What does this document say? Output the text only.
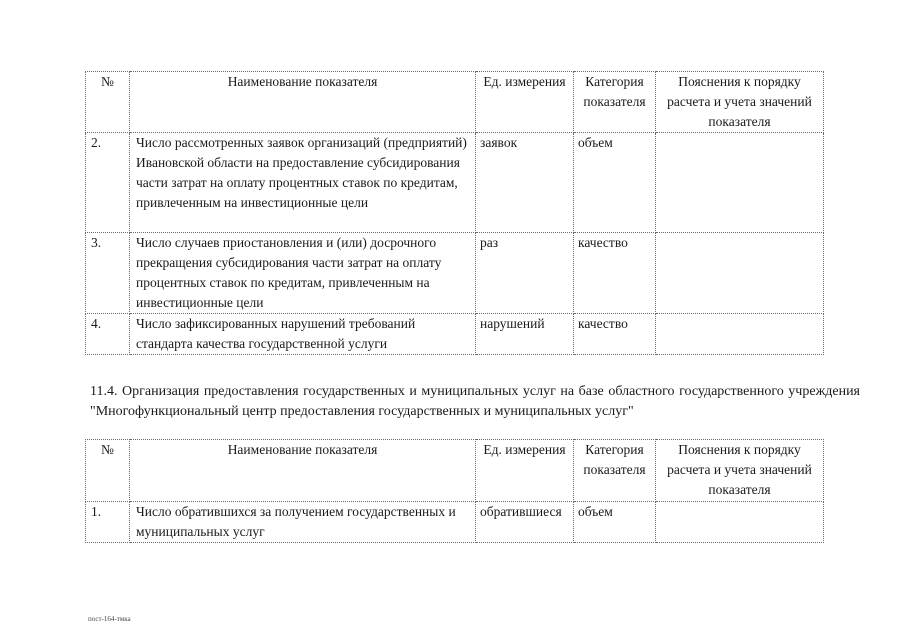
№	Наименование показателя	Ед. измерения	Категория показателя	Пояснения к порядку расчета и учета значений показателя
2.	Число рассмотренных заявок организаций (предприятий) Ивановской области на предоставление субсидирования части затрат на оплату процентных ставок по кредитам, привлеченным на инвестиционные цели	заявок	объем	
3.	Число случаев приостановления и (или) досрочного прекращения субсидирования части затрат на оплату процентных ставок по кредитам, привлеченным на инвестиционные цели	раз	качество	
4.	Число зафиксированных нарушений требований стандарта качества государственной услуги	нарушений	качество	
11.4. Организация предоставления государственных и муниципальных услуг на базе областного государственного учреждения "Многофункциональный центр предоставления государственных и муниципальных услуг"
№	Наименование показателя	Ед. измерения	Категория показателя	Пояснения к порядку расчета и учета значений показателя
1.	Число обратившихся за получением государственных и муниципальных услуг	обратившиеся	объем	
пост-164-тмка
